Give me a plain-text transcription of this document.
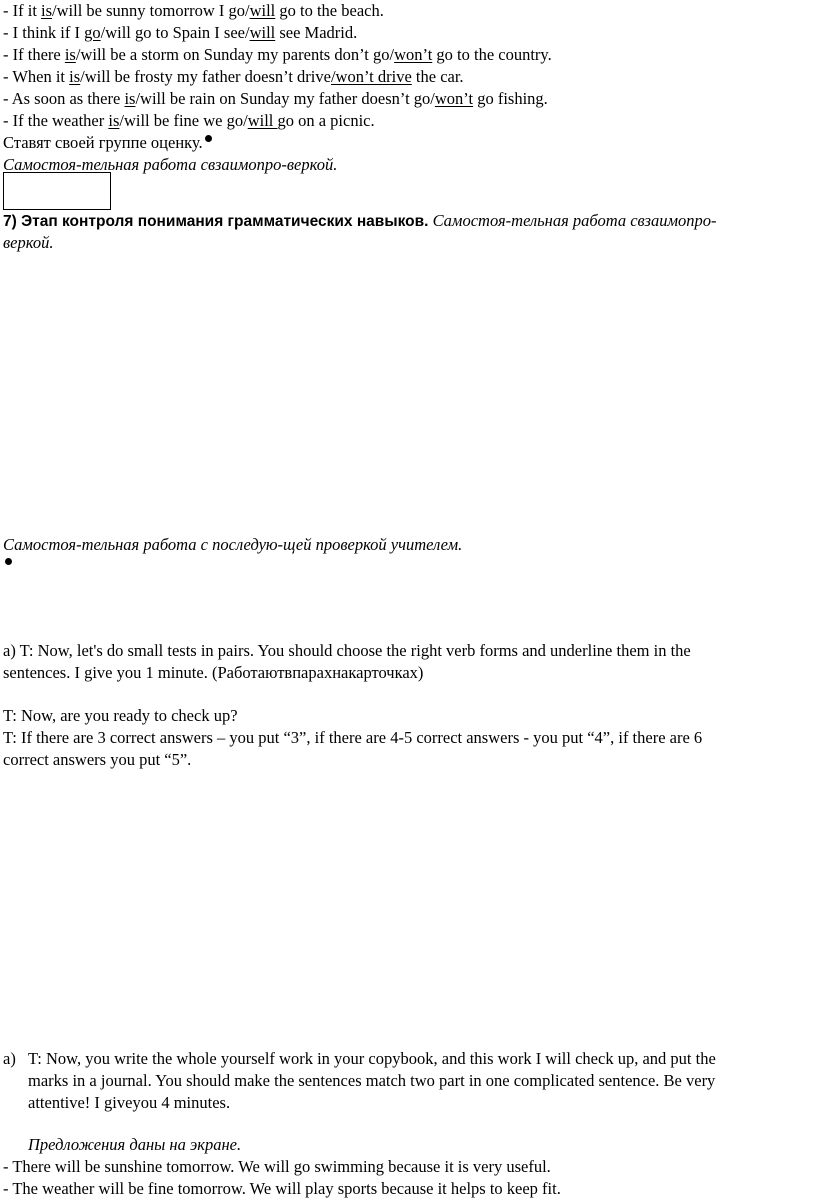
- If it is/will be sunny tomorrow I go/will go to the beach.
- I think if I go/will go to Spain I see/will see Madrid.
- If there is/will be a storm on Sunday my parents don’t go/won’t go to the country.
- When it is/will be frosty my father doesn’t drive/won’t drive the car.
- As soon as there is/will be rain on Sunday my father doesn’t go/won’t go fishing.
- If the weather is/will be fine we go/will go on a picnic.
Ставят своей группе оценку.
Самостоя-тельная работа свзаимопро-веркой.
7) Этап контроля понимания грамматических навыков. Самостоя-тельная работа свзаимопро-
веркой.
Самостоя-тельная работа с последую-щей проверкой учителем.
a) T: Now, let's do small tests in pairs. You should choose the right verb forms and underline them in the
sentences. I give you 1 minute. (Работаютвпарахнакарточках)
T: Now, are you ready to check up?
T: If there are 3 correct answers – you put “3”, if there are 4-5 correct answers - you put “4”, if there are 6
correct answers you put “5”.
a) T: Now, you write the whole yourself work in your copybook, and this work I will check up, and put the
marks in a journal. You should make the sentences match two part in one complicated sentence. Be very
attentive! I giveyou 4 minutes.
Предложения даны на экране.
- There will be sunshine tomorrow. We will go swimming because it is very useful.
- The weather will be fine tomorrow. We will play sports because it helps to keep fit.
